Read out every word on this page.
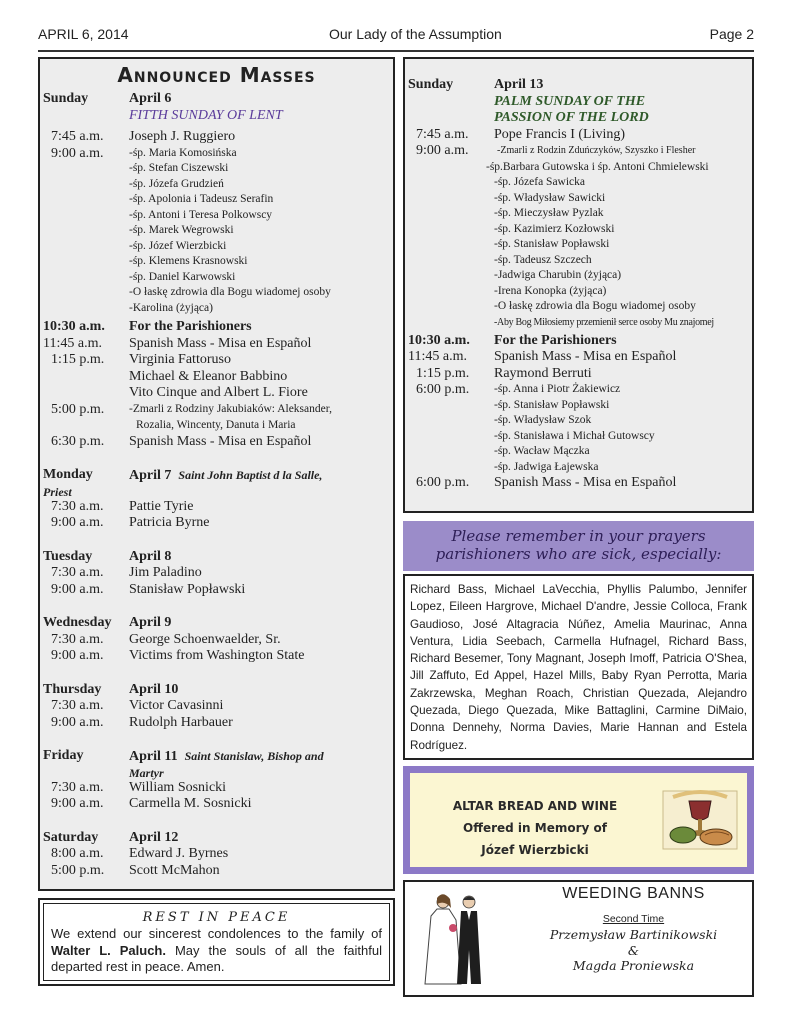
APRIL 6, 2014	Our Lady of the Assumption	Page 2
Announced Masses
Sunday	April 6
FITTH SUNDAY OF LENT
7:45 a.m.	Joseph J. Ruggiero
9:00 a.m.	-śp. Maria Komosińska
-śp. Stefan Ciszewski
-śp. Józefa Grudzień
-śp. Apolonia i Tadeusz Serafin
-śp. Antoni i Teresa Polkowscy
-śp. Marek Wegrowski
-śp. Józef Wierzbicki
-śp. Klemens Krasnowski
-śp. Daniel Karwowski
-O łaskę zdrowia dla Bogu wiadomej osoby
-Karolina (żyjąca)
10:30 a.m.	For the Parishioners
11:45 a.m.	Spanish Mass - Misa en Español
1:15 p.m.	Virginia Fattoruso
Michael & Eleanor Babbino
Vito Cinque and Albert L. Fiore
5:00 p.m.	-Zmarli z Rodziny Jakubiaków: Aleksander,
Rozalia, Wincenty, Danuta i Maria
6:30 p.m.	Spanish Mass - Misa en Español
Monday	April 7 Saint John Baptist d la Salle,
Priest
7:30 a.m.	Pattie Tyrie
9:00 a.m.	Patricia Byrne
Tuesday	April 8
7:30 a.m.	Jim Paladino
9:00 a.m.	Stanisław Popławski
Wednesday	April 9
7:30 a.m.	George Schoenwaelder, Sr.
9:00 a.m.	Victims from Washington State
Thursday	April 10
7:30 a.m.	Victor Cavasinni
9:00 a.m.	Rudolph Harbauer
Friday	April 11 Saint Stanislaw, Bishop and
Martyr
7:30 a.m.	William Sosnicki
9:00 a.m.	Carmella M. Sosnicki
Saturday	April 12
8:00 a.m.	Edward J. Byrnes
5:00 p.m.	Scott McMahon
Sunday	April 13
PALM SUNDAY OF THE
PASSION OF THE LORD
7:45 a.m.	Pope Francis I (Living)
9:00 a.m.	-Zmarli z Rodzin Zduńczyków, Szyszko i Flesher
-śp.Barbara Gutowska i śp. Antoni Chmielewski
-śp. Józefa Sawicka
-śp. Władysław Sawicki
-śp. Mieczysław Pyzlak
-śp. Kazimierz Kozłowski
-śp. Stanisław Popławski
-śp. Tadeusz Szczech
-Jadwiga Charubin (żyjąca)
-Irena Konopka (żyjąca)
-O łaskę zdrowia dla Bogu wiadomej osoby
-Aby Bog Miłosiemy przemienił serce osoby Mu znajomej
10:30 a.m.	For the Parishioners
11:45 a.m.	Spanish Mass - Misa en Español
1:15 p.m.	Raymond Berruti
6:00 p.m.	-śp. Anna i Piotr Żakiewicz
-śp. Stanisław Popławski
-śp. Władysław Szok
-śp. Stanisława i Michał Gutowscy
-śp. Wacław Mączka
-śp. Jadwiga Łajewska
6:00 p.m.	Spanish Mass - Misa en Español
Please remember in your prayers
parishioners who are sick, especially:
Richard Bass, Michael LaVecchia, Phyllis Palumbo, Jennifer Lopez, Eileen Hargrove, Michael D'andre, Jessie Colloca, Frank Gaudioso, José Altagracia Núñez, Amelia Maurinac, Anna Ventura, Lidia Seebach, Carmella Hufnagel, Richard Bass, Richard Besemer, Tony Magnant, Joseph Imoff, Patricia O'Shea, Jill Zaffuto, Ed Appel, Hazel Mills, Baby Ryan Perrotta, Maria Zakrzewska, Meghan Roach, Christian Quezada, Alejandro Quezada, Diego Quezada, Mike Battaglini, Carmine DiMaio, Donna Dennehy, Norma Davies, Marie Hannan and Estela Rodríguez.
ALTAR BREAD AND WINE
Offered in Memory of
Józef Wierzbicki
WEEDING BANNS
Second Time
Przemysław Bartinikowski
&
Magda Proniewska
REST IN PEACE
We extend our sincerest condolences to the family of Walter L. Paluch. May the souls of all the faithful departed rest in peace. Amen.
